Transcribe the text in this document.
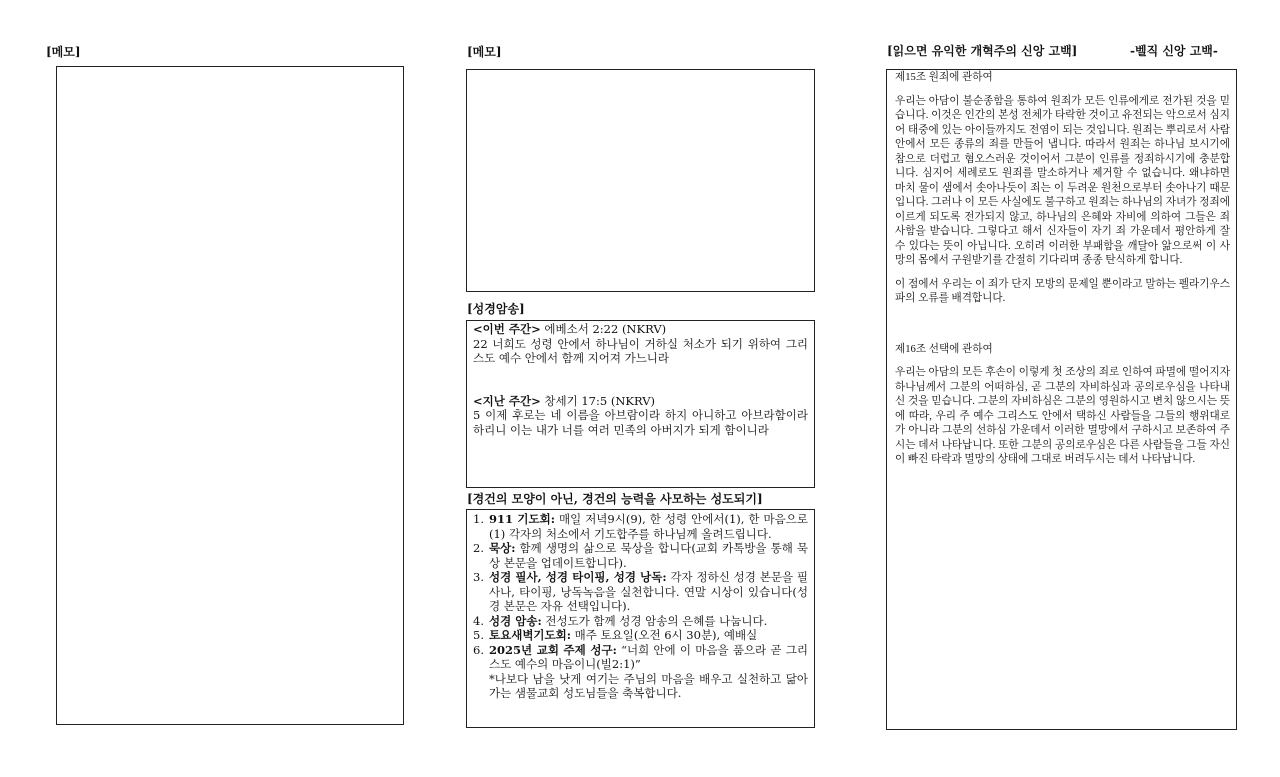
[메모]	[메모]
[성경암송]
<이번 주간> 에베소서 2:22 (NKRV)
22 너희도 성령 안에서 하나님이 거하실 처소가 되기 위하여 그리스도 예수 안에서 함께 지어져 가느니라
<지난 주간> 창세기 17:5 (NKRV)
5 이제 후로는 네 이름을 아브람이라 하지 아니하고 아브라함이라 하리니 이는 내가 너를 여러 민족의 아버지가 되게 함이니라
[경건의 모양이 아닌, 경건의 능력을 사모하는 성도되기]
1. 911 기도회: 매일 저녁9시(9), 한 성령 안에서(1), 한 마음으로(1) 각자의 처소에서 기도합주를 하나님께 올려드립니다.
2. 묵상: 함께 생명의 삶으로 묵상을 합니다(교회 카톡방을 통해 묵상 본문을 업데이트합니다).
3. 성경 필사, 성경 타이핑, 성경 낭독: 각자 정하신 성경 본문을 필사나, 타이핑, 낭독녹음을 실천합니다. 연말 시상이 있습니다(성경 본문은 자유 선택입니다).
4. 성경 암송: 전성도가 함께 성경 암송의 은혜를 나눕니다.
5. 토요새벽기도회: 매주 토요일(오전 6시 30분), 예배실
6. 2025년 교회 주제 성구: “너희 안에 이 마음을 품으라 곧 그리스도 예수의 마음이니(빌2:1)”
*나보다 남을 낫게 여기는 주님의 마음을 배우고 실천하고 닮아가는 샘물교회 성도님들을 축복합니다.
[읽으면 유익한 개혁주의 신앙 고백]	-벨직 신앙 고백-
제15조 원죄에 관하여
우리는 아담이 불순종함을 통하여 원죄가 모든 인류에게로 전가된 것을 믿습니다. 이것은 인간의 본성 전체가 타락한 것이고 유전되는 악으로서 심지어 태중에 있는 아이들까지도 전염이 되는 것입니다. 원죄는 뿌리로서 사람 안에서 모든 종류의 죄를 만들어 냅니다. 따라서 원죄는 하나님 보시기에 참으로 더럽고 혐오스러운 것이어서 그분이 인류를 정죄하시기에 충분합니다. 심지어 세례로도 원죄를 말소하거나 제거할 수 없습니다. 왜냐하면 마치 물이 샘에서 솟아나듯이 죄는 이 두려운 원천으로부터 솟아나기 때문입니다. 그러나 이 모든 사실에도 불구하고 원죄는 하나님의 자녀가 정죄에 이르게 되도록 전가되지 않고, 하나님의 은혜와 자비에 의하여 그들은 죄 사함을 받습니다. 그렇다고 해서 신자들이 자기 죄 가운데서 평안하게 잘 수 있다는 뜻이 아닙니다. 오히려 이러한 부패함을 깨달아 앎으로써 이 사망의 몸에서 구원받기를 간절히 기다리며 종종 탄식하게 합니다.
이 점에서 우리는 이 죄가 단지 모방의 문제일 뿐이라고 말하는 펠라기우스파의 오류를 배격합니다.
제16조 선택에 관하여
우리는 아담의 모든 후손이 이렇게 첫 조상의 죄로 인하여 파멸에 떨어지자 하나님께서 그분의 어떠하심, 곧 그분의 자비하심과 공의로우심을 나타내신 것을 믿습니다. 그분의 자비하심은 그분의 영원하시고 변치 않으시는 뜻에 따라, 우리 주 예수 그리스도 안에서 택하신 사람들을 그들의 행위대로가 아니라 그분의 선하심 가운데서 이러한 멸망에서 구하시고 보존하여 주시는 데서 나타납니다. 또한 그분의 공의로우심은 다른 사람들을 그들 자신이 빠진 타락과 멸망의 상태에 그대로 버려두시는 데서 나타납니다.
